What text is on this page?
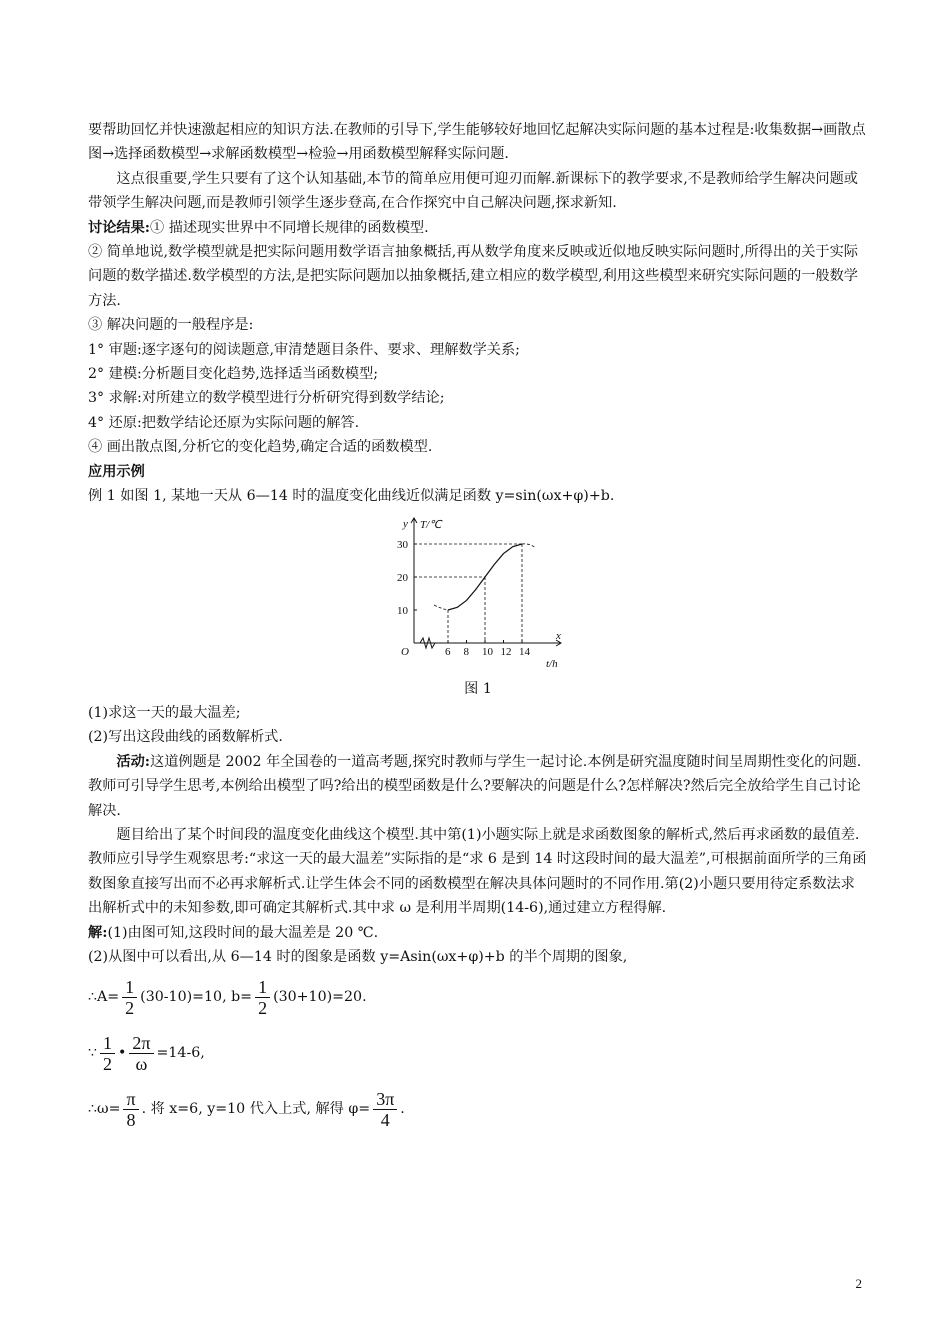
要帮助回忆并快速激起相应的知识方法.在教师的引导下,学生能够较好地回忆起解决实际问题的基本过程是:收集数据→画散点图→选择函数模型→求解函数模型→检验→用函数模型解释实际问题.

这点很重要,学生只要有了这个认知基础,本节的简单应用便可迎刃而解.新课标下的教学要求,不是教师给学生解决问题或带领学生解决问题,而是教师引领学生逐步登高,在合作探究中自己解决问题,探求新知.

讨论结果:① 描述现实世界中不同增长规律的函数模型.

② 简单地说,数学模型就是把实际问题用数学语言抽象概括,再从数学角度来反映或近似地反映实际问题时,所得出的关于实际问题的数学描述.数学模型的方法,是把实际问题加以抽象概括,建立相应的数学模型,利用这些模型来研究实际问题的一般数学方法.

③ 解决问题的一般程序是:

1° 审题:逐字逐句的阅读题意,审清楚题目条件、要求、理解数学关系;

2° 建模:分析题目变化趋势,选择适当函数模型;

3° 求解:对所建立的数学模型进行分析研究得到数学结论;

4° 还原:把数学结论还原为实际问题的解答.

④ 画出散点图,分析它的变化趋势,确定合适的函数模型.

应用示例

例 1 如图 1, 某地一天从 6—14 时的温度变化曲线近似满足函数 y=sin(ωx+φ)+b.

y T/℃
x
t/h
O	6 8 10 12 14
10
20
30
图 1

(1)求这一天的最大温差;

(2)写出这段曲线的函数解析式.

活动:这道例题是 2002 年全国卷的一道高考题,探究时教师与学生一起讨论.本例是研究温度随时间呈周期性变化的问题.教师可引导学生思考,本例给出模型了吗?给出的模型函数是什么?要解决的问题是什么?怎样解决?然后完全放给学生自己讨论解决.

题目给出了某个时间段的温度变化曲线这个模型.其中第(1)小题实际上就是求函数图象的解析式,然后再求函数的最值差.教师应引导学生观察思考:“求这一天的最大温差”实际指的是“求 6 是到 14 时这段时间的最大温差”,可根据前面所学的三角函数图象直接写出而不必再求解析式.让学生体会不同的函数模型在解决具体问题时的不同作用.第(2)小题只要用待定系数法求出解析式中的未知参数,即可确定其解析式.其中求 ω 是利用半周期(14-6),通过建立方程得解.

解:(1)由图可知,这段时间的最大温差是 20 ℃.

(2)从图中可以看出,从 6—14 时的图象是函数 y=Asin(ωx+φ)+b 的半个周期的图象,

∴A= $\frac{1}{2} (30-10)=10$, $b= \frac{1}{2} (30+10)=20$.
∵ $\frac{1}{2}$ • $\frac{2\pi}{\omega} =14-6$,
∴ω= $\frac{\pi}{8}$ . 将 x=6, y=10 代入上式, 解得 $\varphi= \frac{3\pi}{4}$ .
2
